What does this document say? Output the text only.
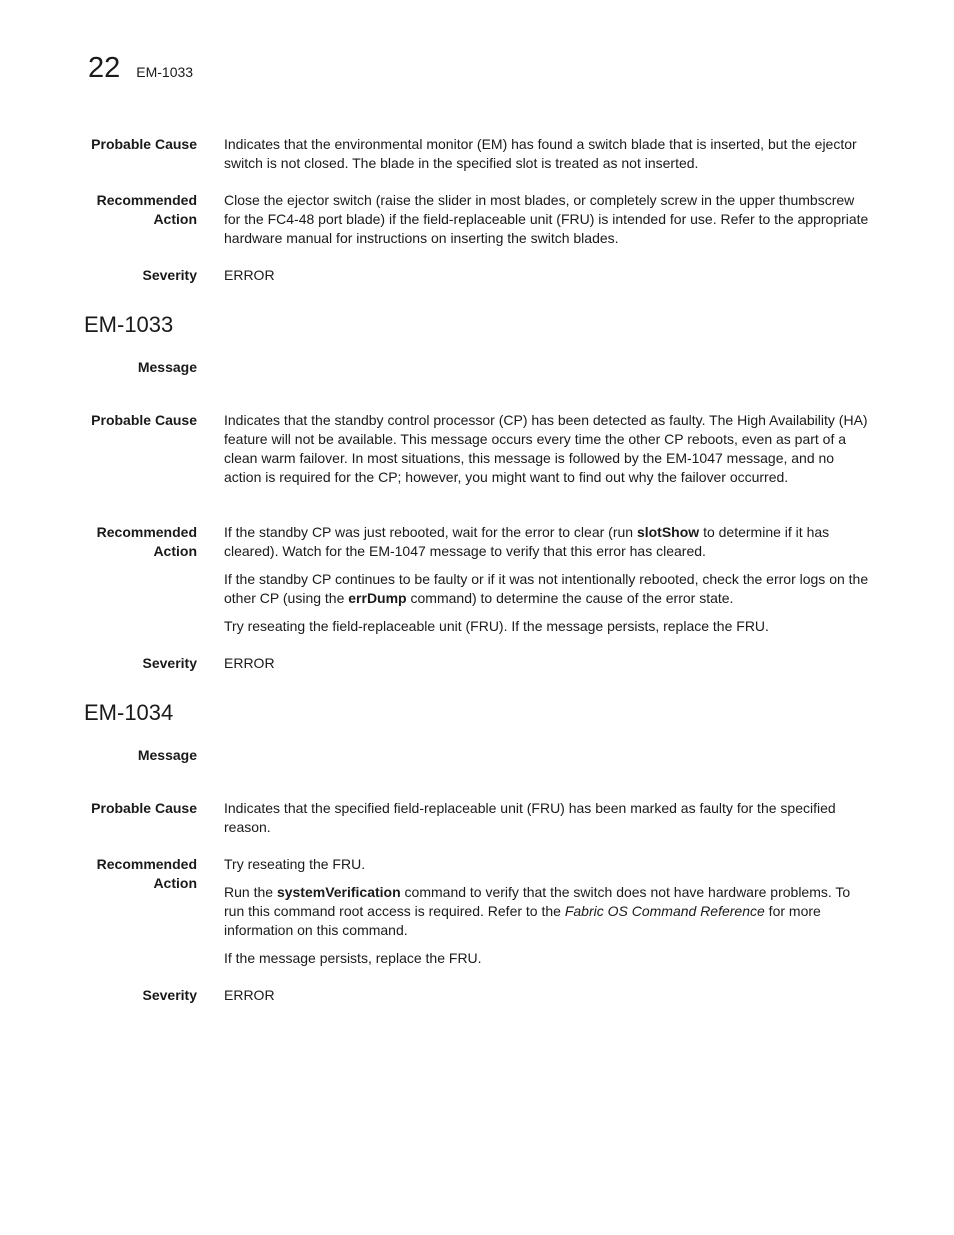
22 EM-1033
Probable Cause Indicates that the environmental monitor (EM) has found a switch blade that is inserted, but the ejector switch is not closed. The blade in the specified slot is treated as not inserted.

Recommended
Action

Close the ejector switch (raise the slider in most blades, or completely screw in the upper thumbscrew for the FC4-48 port blade) if the field-replaceable unit (FRU) is intended for use. Refer to the appropriate hardware manual for instructions on inserting the switch blades.

Severity ERROR

EM-1033
Message
Probable Cause Indicates that the standby control processor (CP) has been detected as faulty. The High Availability (HA) feature will not be available. This message occurs every time the other CP reboots, even as part of a clean warm failover. In most situations, this message is followed by the EM-1047 message, and no action is required for the CP; however, you might want to find out why the failover occurred.

Recommended
Action

If the standby CP was just rebooted, wait for the error to clear (run slotShow to determine if it has cleared). Watch for the EM-1047 message to verify that this error has cleared.

If the standby CP continues to be faulty or if it was not intentionally rebooted, check the error logs on the other CP (using the errDump command) to determine the cause of the error state.

Try reseating the field-replaceable unit (FRU). If the message persists, replace the FRU.

Severity ERROR

EM-1034
Message
Probable Cause Indicates that the specified field-replaceable unit (FRU) has been marked as faulty for the specified reason.

Recommended
Action

Try reseating the FRU.

Run the systemVerification command to verify that the switch does not have hardware problems. To run this command root access is required. Refer to the Fabric OS Command Reference for more information on this command.

If the message persists, replace the FRU.

Severity ERROR
